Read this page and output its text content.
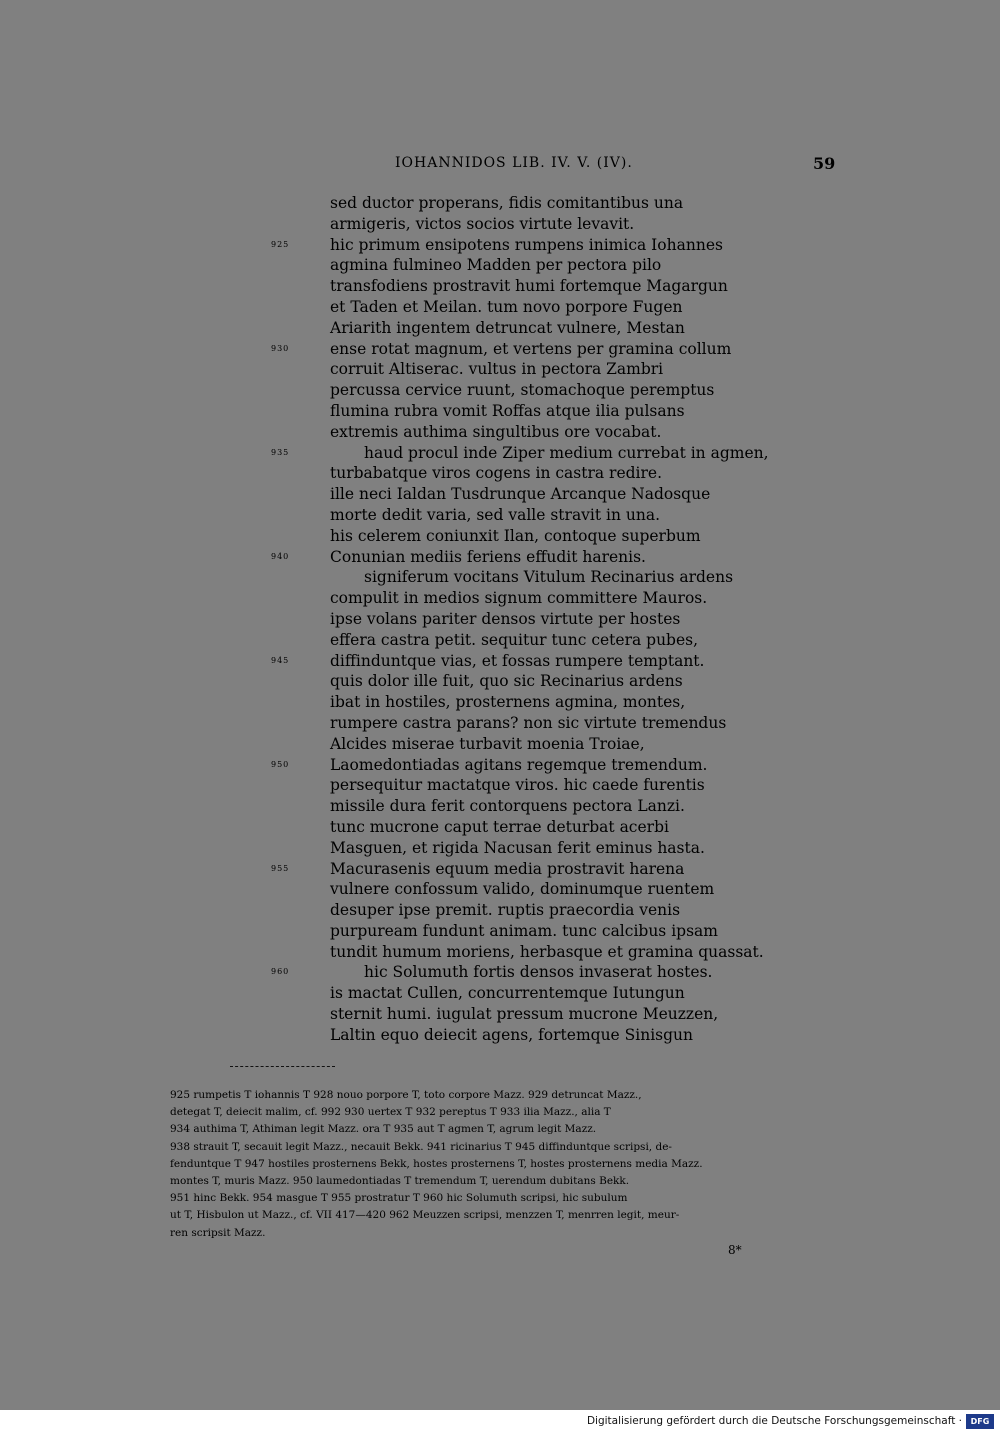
IOHANNIDOS LIB. IV. V. (IV).	59
sed ductor properans, fidis comitantibus una
armigeris, victos socios virtute levavit.
925	hic primum ensipotens rumpens inimica Iohannes
agmina fulmineo Madden per pectora pilo
transfodiens prostravit humi fortemque Magargun
et Taden et Meilan. tum novo porpore Fugen
Ariarith ingentem detruncat vulnere, Mestan
930	ense rotat magnum, et vertens per gramina collum
corruit Altiserac. vultus in pectora Zambri
percussa cervice ruunt, stomachoque peremptus
flumina rubra vomit Roffas atque ilia pulsans
extremis authima singultibus ore vocabat.
935	haud procul inde Ziper medium currebat in agmen,
turbabatque viros cogens in castra redire.
ille neci Ialdan Tusdrunque Arcanque Nadosque
morte dedit varia, sed valle stravit in una.
his celerem coniunxit Ilan, contoque superbum
940	Conunian mediis feriens effudit harenis.
signiferum vocitans Vitulum Recinarius ardens
compulit in medios signum committere Mauros.
ipse volans pariter densos virtute per hostes
effera castra petit. sequitur tunc cetera pubes,
945	diffinduntque vias, et fossas rumpere temptant.
quis dolor ille fuit, quo sic Recinarius ardens
ibat in hostiles, prosternens agmina, montes,
rumpere castra parans? non sic virtute tremendus
Alcides miserae turbavit moenia Troiae,
950	Laomedontiadas agitans regemque tremendum.
persequitur mactatque viros. hic caede furentis
missile dura ferit contorquens pectora Lanzi.
tunc mucrone caput terrae deturbat acerbi
Masguen, et rigida Nacusan ferit eminus hasta.
955	Macurasenis equum media prostravit harena
vulnere confossum valido, dominumque ruentem
desuper ipse premit. ruptis praecordia venis
purpuream fundunt animam. tunc calcibus ipsam
tundit humum moriens, herbasque et gramina quassat.
960	hic Solumuth fortis densos invaserat hostes.
is mactat Cullen, concurrentemque Iutungun
sternit humi. iugulat pressum mucrone Meuzzen,
Laltin equo deiecit agens, fortemque Sinisgun
925 rumpetis T iohannis T 928 nouo porpore T, toto corpore Mazz. 929 detruncat Mazz.,
detegat T, deiecit malim, cf. 992 930 uertex T 932 pereptus T 933 ilia Mazz., alia T
934 authima T, Athiman legit Mazz. ora T 935 aut T agmen T, agrum legit Mazz.
938 strauit T, secauit legit Mazz., necauit Bekk. 941 ricinarius T 945 diffinduntque scripsi, de-
fenduntque T 947 hostiles prosternens Bekk, hostes prosternens T, hostes prosternens media Mazz.
montes T, muris Mazz. 950 laumedontiadas T tremendum T, uerendum dubitans Bekk.
951 hinc Bekk. 954 masgue T 955 prostratur T 960 hic Solumuth scripsi, hic subulum
ut T, Hisbulon ut Mazz., cf. VII 417—420 962 Meuzzen scripsi, menzzen T, menrren legit, meur-
ren scripsit Mazz.
8*
Digitalisierung gefördert durch die Deutsche Forschungsgemeinschaft ·	DFG
